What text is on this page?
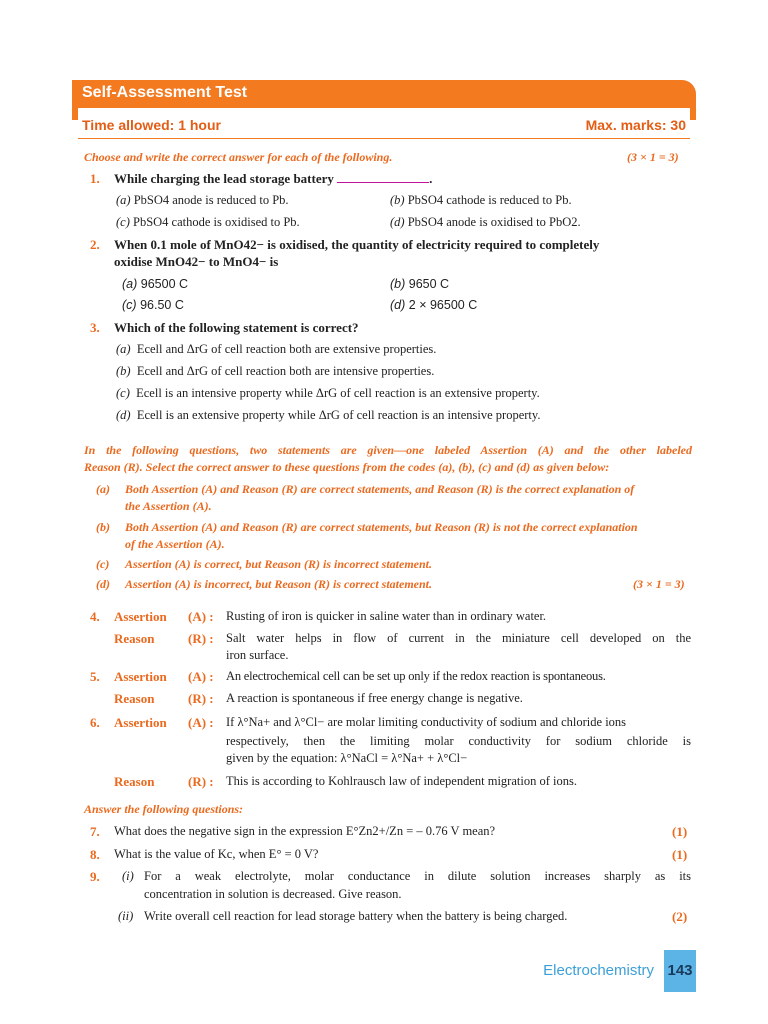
Self-Assessment Test
Time allowed: 1 hour	Max. marks: 30
Choose and write the correct answer for each of the following.	(3 × 1 = 3)
1. While charging the lead storage battery	.
(a) PbSO4 anode is reduced to Pb.	(b) PbSO4 cathode is reduced to Pb.
(c) PbSO4 cathode is oxidised to Pb.	(d) PbSO4 anode is oxidised to PbO2.
2. When 0.1 mole of MnO42− is oxidised, the quantity of electricity required to completely
oxidise MnO42− to MnO4− is
(a) 96500 C	(b) 9650 C
(c) 96.50 C	(d) 2 × 96500 C
3. Which of the following statement is correct?
(a) Ecell and ΔrG of cell reaction both are extensive properties.
(b) Ecell and ΔrG of cell reaction both are intensive properties.
(c) Ecell is an intensive property while ΔrG of cell reaction is an extensive property.
(d) Ecell is an extensive property while ΔrG of cell reaction is an intensive property.
In the following questions, two statements are given—one labeled Assertion (A) and the other labeled
Reason (R). Select the correct answer to these questions from the codes (a), (b), (c) and (d) as given below:
(a) Both Assertion (A) and Reason (R) are correct statements, and Reason (R) is the correct explanation of
the Assertion (A).
(b) Both Assertion (A) and Reason (R) are correct statements, but Reason (R) is not the correct explanation
of the Assertion (A).
(c) Assertion (A) is correct, but Reason (R) is incorrect statement.
(d) Assertion (A) is incorrect, but Reason (R) is correct statement.	(3 × 1 = 3)
4. Assertion (A) : Rusting of iron is quicker in saline water than in ordinary water.
Reason	(R) : Salt water helps in flow of current in the miniature cell developed on the
iron surface.
5. Assertion (A) : An electrochemical cell can be set up only if the redox reaction is spontaneous.
Reason	(R) : A reaction is spontaneous if free energy change is negative.
6. Assertion (A) : If λ°Na+ and λ°Cl− are molar limiting conductivity of sodium and chloride ions
respectively, then the limiting molar conductivity for sodium chloride is
given by the equation: λ°NaCl = λ°Na+ + λ°Cl−
Reason	(R) : This is according to Kohlrausch law of independent migration of ions.
Answer the following questions:
7. What does the negative sign in the expression E°Zn2+/Zn = – 0.76 V mean?	(1)
8. What is the value of Kc, when E° = 0 V?	(1)
9. (i) For a weak electrolyte, molar conductance in dilute solution increases sharply as its
concentration in solution is decreased. Give reason.
(ii) Write overall cell reaction for lead storage battery when the battery is being charged.	(2)
Electrochemistry 143
